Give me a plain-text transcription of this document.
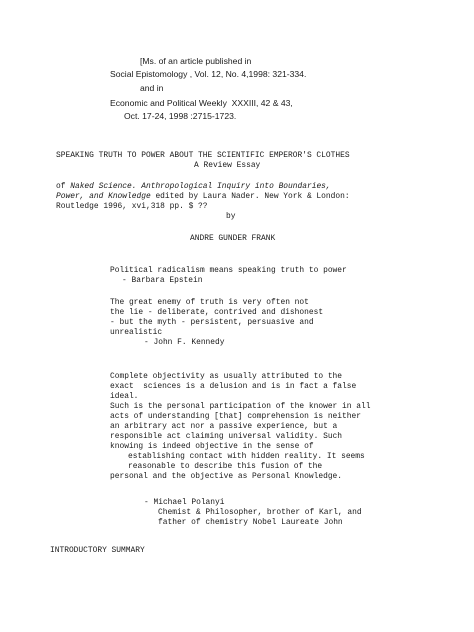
[Ms. of an article published in
Social Epistomology , Vol. 12, No. 4,1998: 321-334.
and in
Economic and Political Weekly  XXXIII, 42 & 43,
Oct. 17-24, 1998 :2715-1723.
SPEAKING TRUTH TO POWER ABOUT THE SCIENTIFIC EMPEROR'S CLOTHES
A Review Essay
of Naked Science. Anthropological Inquiry into Boundaries,
Power, and Knowledge edited by Laura Nader. New York & London:
Routledge 1996, xvi,318 pp. $ ??
by
ANDRE GUNDER FRANK
Political radicalism means speaking truth to power
- Barbara Epstein
The great enemy of truth is very often not
the lie - deliberate, contrived and dishonest
- but the myth - persistent, persuasive and
unrealistic
- John F. Kennedy
Complete objectivity as usually attributed to the
exact  sciences is a delusion and is in fact a false
ideal.
Such is the personal participation of the knower in all
acts of understanding [that] comprehension is neither
an arbitrary act nor a passive experience, but a
responsible act claiming universal validity. Such
knowing is indeed objective in the sense of
establishing contact with hidden reality. It seems
reasonable to describe this fusion of the
personal and the objective as Personal Knowledge.
- Michael Polanyi
Chemist & Philosopher, brother of Karl, and
father of chemistry Nobel Laureate John
INTRODUCTORY SUMMARY
